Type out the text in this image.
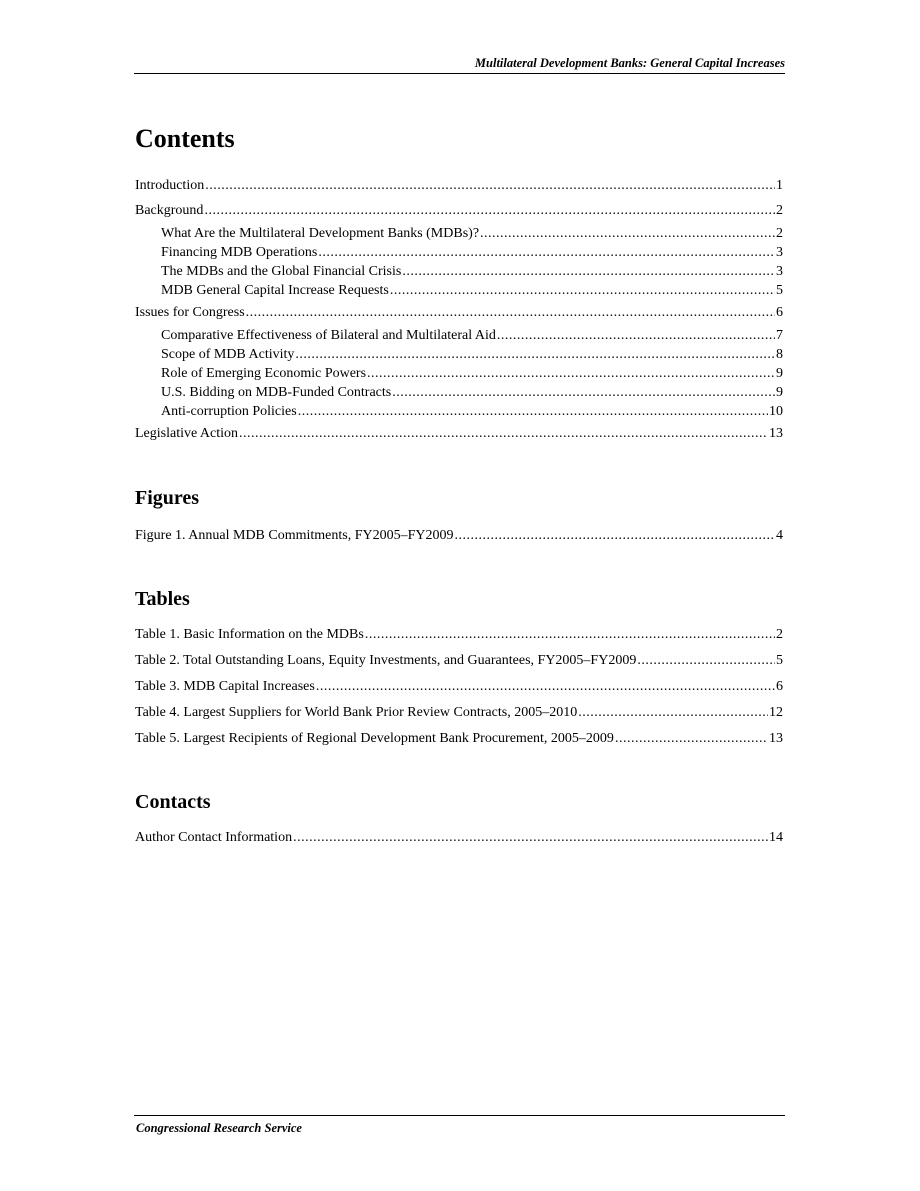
Multilateral Development Banks: General Capital Increases
Contents
Introduction .....	1
Background .....	2
What Are the Multilateral Development Banks (MDBs)? .....	2
Financing MDB Operations .....	3
The MDBs and the Global Financial Crisis .....	3
MDB General Capital Increase Requests .....	5
Issues for Congress .....	6
Comparative Effectiveness of Bilateral and Multilateral Aid .....	7
Scope of MDB Activity .....	8
Role of Emerging Economic Powers .....	9
U.S. Bidding on MDB-Funded Contracts .....	9
Anti-corruption Policies .....	10
Legislative Action .....	13
Figures
Figure 1. Annual MDB Commitments, FY2005–FY2009 .....	4
Tables
Table 1. Basic Information on the MDBs .....	2
Table 2. Total Outstanding Loans, Equity Investments, and Guarantees, FY2005–FY2009 .....	5
Table 3. MDB Capital Increases .....	6
Table 4. Largest Suppliers for World Bank Prior Review Contracts, 2005–2010 .....	12
Table 5. Largest Recipients of Regional Development Bank Procurement, 2005–2009 .....	13
Contacts
Author Contact Information .....	14
Congressional Research Service
